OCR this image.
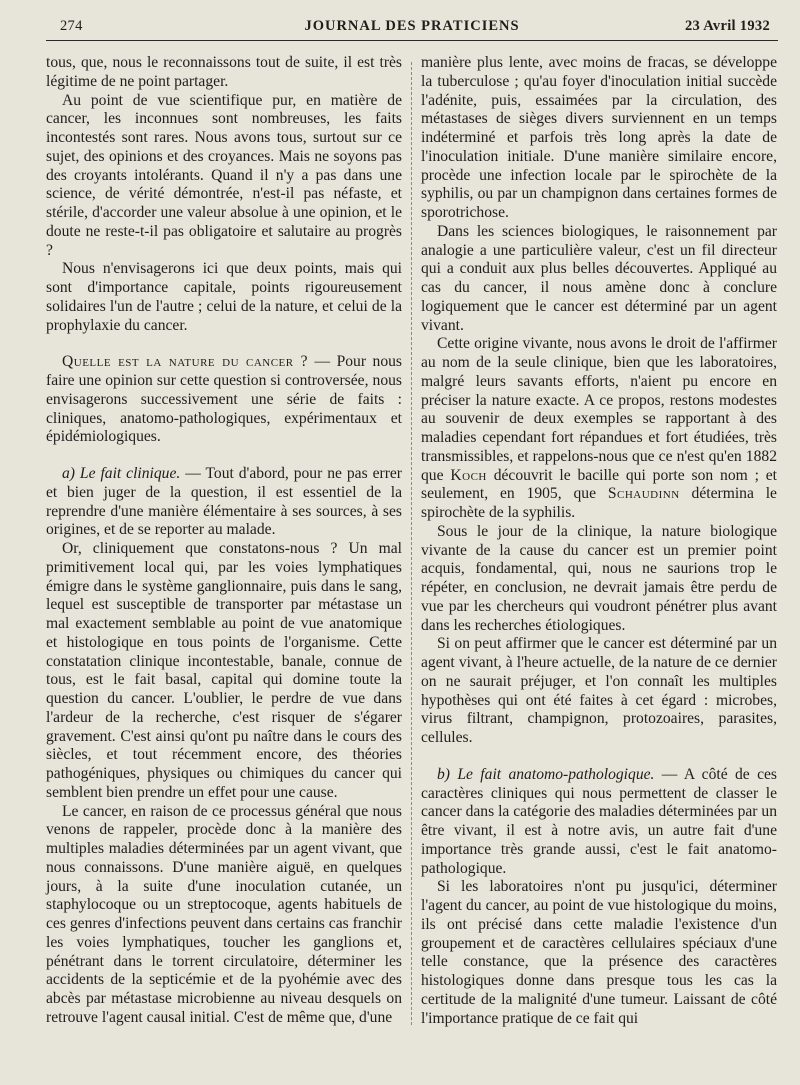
274	JOURNAL DES PRATICIENS	23 Avril 1932

tous, que, nous le reconnaissons tout de suite, il est très légitime de ne point partager.

Au point de vue scientifique pur, en matière de cancer, les inconnues sont nombreuses, les faits incontestés sont rares. Nous avons tous, surtout sur ce sujet, des opinions et des croyances. Mais ne soyons pas des croyants intolérants. Quand il n'y a pas dans une science, de vérité démontrée, n'est-il pas néfaste, et stérile, d'accorder une valeur absolue à une opinion, et le doute ne reste-t-il pas obligatoire et salutaire au progrès ?

Nous n'envisagerons ici que deux points, mais qui sont d'importance capitale, points rigoureusement solidaires l'un de l'autre ; celui de la nature, et celui de la prophylaxie du cancer.

Quelle est la nature du cancer ? — Pour nous faire une opinion sur cette question si controversée, nous envisagerons successivement une série de faits : cliniques, anatomo-pathologiques, expérimentaux et épidémiologiques.

a) Le fait clinique. — Tout d'abord, pour ne pas errer et bien juger de la question, il est essentiel de la reprendre d'une manière élémentaire à ses sources, à ses origines, et de se reporter au malade.

Or, cliniquement que constatons-nous ? Un mal primitivement local qui, par les voies lymphatiques émigre dans le système ganglionnaire, puis dans le sang, lequel est susceptible de transporter par métastase un mal exactement semblable au point de vue anatomique et histologique en tous points de l'organisme. Cette constatation clinique incontestable, banale, connue de tous, est le fait basal, capital qui domine toute la question du cancer. L'oublier, le perdre de vue dans l'ardeur de la recherche, c'est risquer de s'égarer gravement. C'est ainsi qu'ont pu naître dans le cours des siècles, et tout récemment encore, des théories pathogéniques, physiques ou chimiques du cancer qui semblent bien prendre un effet pour une cause.

Le cancer, en raison de ce processus général que nous venons de rappeler, procède donc à la manière des multiples maladies déterminées par un agent vivant, que nous connaissons. D'une manière aiguë, en quelques jours, à la suite d'une inoculation cutanée, un staphylocoque ou un streptocoque, agents habituels de ces genres d'infections peuvent dans certains cas franchir les voies lymphatiques, toucher les ganglions et, pénétrant dans le torrent circulatoire, déterminer les accidents de la septicémie et de la pyohémie avec des abcès par métastase microbienne au niveau desquels on retrouve l'agent causal initial. C'est de même que, d'une

manière plus lente, avec moins de fracas, se développe la tuberculose ; qu'au foyer d'inoculation initial succède l'adénite, puis, essaimées par la circulation, des métastases de sièges divers surviennent en un temps indéterminé et parfois très long après la date de l'inoculation initiale. D'une manière similaire encore, procède une infection locale par le spirochète de la syphilis, ou par un champignon dans certaines formes de sporotrichose.

Dans les sciences biologiques, le raisonnement par analogie a une particulière valeur, c'est un fil directeur qui a conduit aux plus belles découvertes. Appliqué au cas du cancer, il nous amène donc à conclure logiquement que le cancer est déterminé par un agent vivant.

Cette origine vivante, nous avons le droit de l'affirmer au nom de la seule clinique, bien que les laboratoires, malgré leurs savants efforts, n'aient pu encore en préciser la nature exacte. A ce propos, restons modestes au souvenir de deux exemples se rapportant à des maladies cependant fort répandues et fort étudiées, très transmissibles, et rappelons-nous que ce n'est qu'en 1882 que Koch découvrit le bacille qui porte son nom ; et seulement, en 1905, que Schaudinn détermina le spirochète de la syphilis.

Sous le jour de la clinique, la nature biologique vivante de la cause du cancer est un premier point acquis, fondamental, qui, nous ne saurions trop le répéter, en conclusion, ne devrait jamais être perdu de vue par les chercheurs qui voudront pénétrer plus avant dans les recherches étiologiques.

Si on peut affirmer que le cancer est déterminé par un agent vivant, à l'heure actuelle, de la nature de ce dernier on ne saurait préjuger, et l'on connaît les multiples hypothèses qui ont été faites à cet égard : microbes, virus filtrant, champignon, protozoaires, parasites, cellules.

b) Le fait anatomo-pathologique. — A côté de ces caractères cliniques qui nous permettent de classer le cancer dans la catégorie des maladies déterminées par un être vivant, il est à notre avis, un autre fait d'une importance très grande aussi, c'est le fait anatomo-pathologique.

Si les laboratoires n'ont pu jusqu'ici, déterminer l'agent du cancer, au point de vue histologique du moins, ils ont précisé dans cette maladie l'existence d'un groupement et de caractères cellulaires spéciaux d'une telle constance, que la présence des caractères histologiques donne dans presque tous les cas la certitude de la malignité d'une tumeur. Laissant de côté l'importance pratique de ce fait qui
